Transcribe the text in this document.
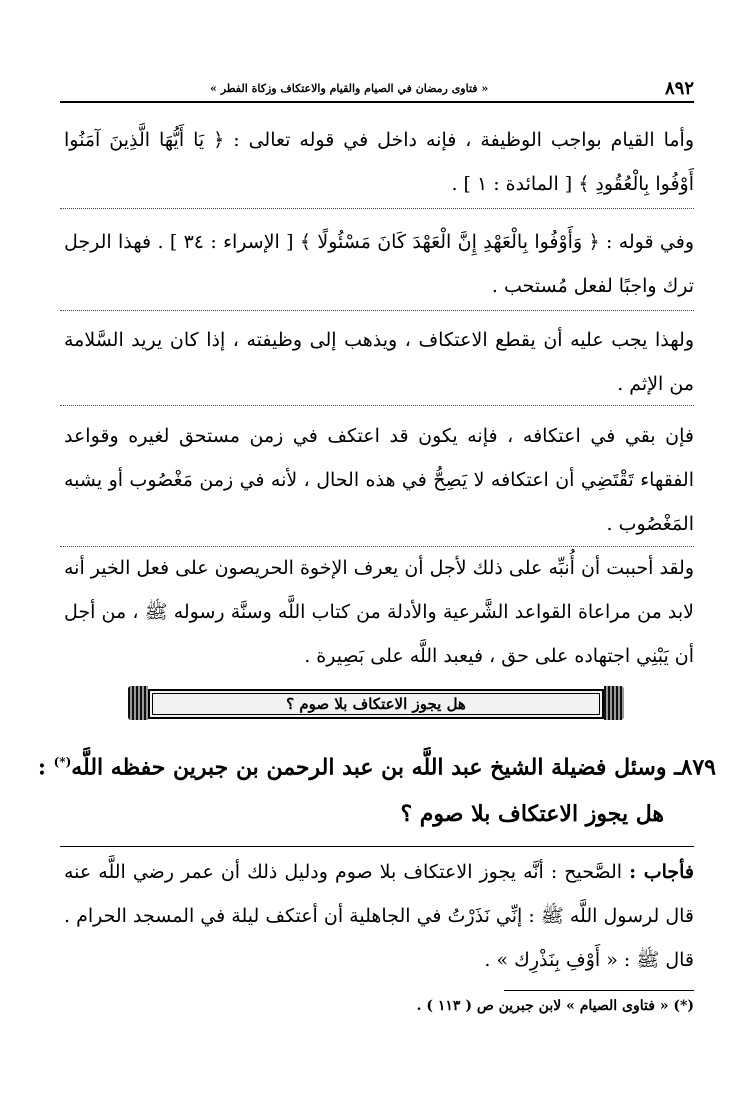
٨٩٢
« فتاوى رمضان في الصيام والقيام والاعتكاف وزكاة الفطر »

وأما القيام بواجب الوظيفة ، فإنه داخل في قوله تعالى : ﴿ يَا أَيُّهَا الَّذِينَ آمَنُوا أَوْفُوا بِالْعُقُودِ ﴾ [ المائدة : ١ ] .

وفي قوله : ﴿ وَأَوْفُوا بِالْعَهْدِ إِنَّ الْعَهْدَ كَانَ مَسْئُولًا ﴾ [ الإسراء : ٣٤ ] . فهذا الرجل ترك واجبًا لفعل مُستحب .

ولهذا يجب عليه أن يقطع الاعتكاف ، ويذهب إلى وظيفته ، إذا كان يريد السَّلامة من الإثم .

فإن بقي في اعتكافه ، فإنه يكون قد اعتكف في زمن مستحق لغيره وقواعد الفقهاء تَقْتَضِي أن اعتكافه لا يَصِحُّ في هذه الحال ، لأنه في زمن مَغْصُوب أو يشبه المَغْصُوب .

ولقد أحببت أن أُنبِّه على ذلك لأجل أن يعرف الإخوة الحريصون على فعل الخير أنه لابد من مراعاة القواعد الشَّرعية والأدلة من كتاب اللَّه وسنَّة رسوله ﷺ ، من أجل أن يَبْنِي اجتهاده على حق ، فيعبد اللَّه على بَصِيرة .

هل يجوز الاعتكاف بلا صوم ؟

٨٧٩ـ وسئل فضيلة الشيخ عبد اللَّه بن عبد الرحمن بن جبرين حفظه اللَّه(*) :

هل يجوز الاعتكاف بلا صوم ؟

فأجاب : الصَّحيح : أنَّه يجوز الاعتكاف بلا صوم ودليل ذلك أن عمر رضي اللَّه عنه قال لرسول اللَّه ﷺ : إنِّي نَذَرْتُ في الجاهلية أن أعتكف ليلة في المسجد الحرام . قال ﷺ : « أَوْفِ بِنَذْرِك » .

(*) « فتاوى الصيام » لابن جبرين ص ( ١١٣ ) .
